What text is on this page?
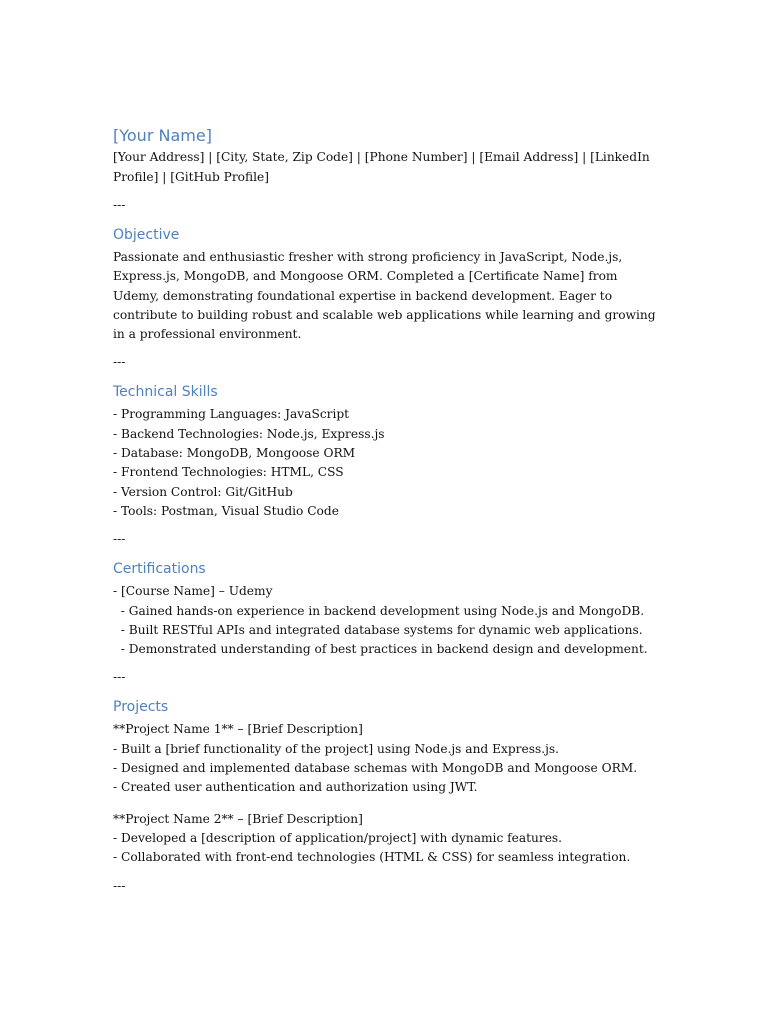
[Your Name]

[Your Address] | [City, State, Zip Code] | [Phone Number] | [Email Address] | [LinkedIn Profile] | [GitHub Profile]

---
Objective

Passionate and enthusiastic fresher with strong proficiency in JavaScript, Node.js, Express.js, MongoDB, and Mongoose ORM. Completed a [Certificate Name] from Udemy, demonstrating foundational expertise in backend development. Eager to contribute to building robust and scalable web applications while learning and growing in a professional environment.

---
Technical Skills
- Programming Languages: JavaScript
- Backend Technologies: Node.js, Express.js
- Database: MongoDB, Mongoose ORM
- Frontend Technologies: HTML, CSS
- Version Control: Git/GitHub
- Tools: Postman, Visual Studio Code
---
Certifications
- [Course Name] – Udemy
- Gained hands-on experience in backend development using Node.js and MongoDB.
- Built RESTful APIs and integrated database systems for dynamic web applications.
- Demonstrated understanding of best practices in backend design and development.
---
Projects
**Project Name 1** – [Brief Description]
- Built a [brief functionality of the project] using Node.js and Express.js.
- Designed and implemented database schemas with MongoDB and Mongoose ORM.
- Created user authentication and authorization using JWT.
**Project Name 2** – [Brief Description]
- Developed a [description of application/project] with dynamic features.
- Collaborated with front-end technologies (HTML & CSS) for seamless integration.
---
